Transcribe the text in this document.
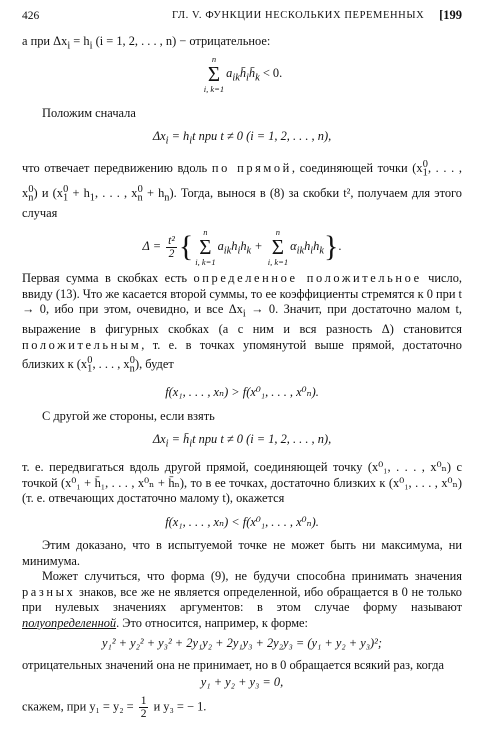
426	ГЛ. V. ФУНКЦИИ НЕСКОЛЬКИХ ПЕРЕМЕННЫХ [199

а при $\Delta x_i = h_i$ (i = 1, 2, . . . , n) − отрицательное:

n
Σ
i, k=1
$a_{ik}h̄_ih̄_k < 0$.

Положим сначала

$\Delta x_i = h_it$ при t ≠ 0 (i = 1, 2, . . . , n),

что отвечает передвижению вдоль по прямой, соединяющей точки ($x_1^0$, . . . , $x_n^0$) и ($x_1^0 + h_1$, . . . , $x_n^0 + h_n$). Тогда, вынося в (8) за скобки t², получаем для этого случая

$\Delta = \frac{\text{t²}}{2}$ {	n
Σ
i, k=1
$a_{ik}h_ih_k$ +
n
Σ
i, k=1
$\alpha_{ik}h_ih_k$}.

Первая сумма в скобках есть определенное положительное число, ввиду (13). Что же касается второй суммы, то ее коэффициенты стремятся к 0 при t → 0, ибо при этом, очевидно, и все $\Delta x_i \to 0$. Значит, при достаточно малом t, выражение в фигурных скобках (а с ним и вся разность Δ) становится положительным, т. е. в точках упомянутой выше прямой, достаточно близких к ($x_1^0$, . . . , $x_n^0$), будет

f(x₁, . . . , xₙ) > f(x⁰₁, . . . , x⁰ₙ).

С другой же стороны, если взять

$\Delta x_i$ = $h̄_it$ при t ≠ 0 (i = 1, 2, . . . , n),

т. е. передвигаться вдоль другой прямой, соединяющей точку (x⁰₁, . . . , x⁰ₙ) с точкой (x⁰₁ + h̄₁, . . . , x⁰ₙ + h̄ₙ), то в ее точках, достаточно близких к (x⁰₁, . . . , x⁰ₙ) (т. е. отвечающих достаточно малому t), окажется

f(x₁, . . . , xₙ) < f(x⁰₁, . . . , x⁰ₙ).

Этим доказано, что в испытуемой точке не может быть ни максимума, ни минимума.

Может случиться, что форма (9), не будучи способна принимать значения разных знаков, все же не является определенной, ибо обращается в 0 не только при нулевых значениях аргументов: в этом случае форму называют полуопределенной. Это относится, например, к форме:

y₁² + y₂² + y₃² + 2y₁y₂ + 2y₁y₃ + 2y₂y₃ = (y₁ + y₂ + y₃)²;

отрицательных значений она не принимает, но в 0 обращается всякий раз, когда

y₁ + y₂ + y₃ = 0,

скажем, при $y_1 = y_2 = \frac{1}{2}$ и y₃ = − 1.
